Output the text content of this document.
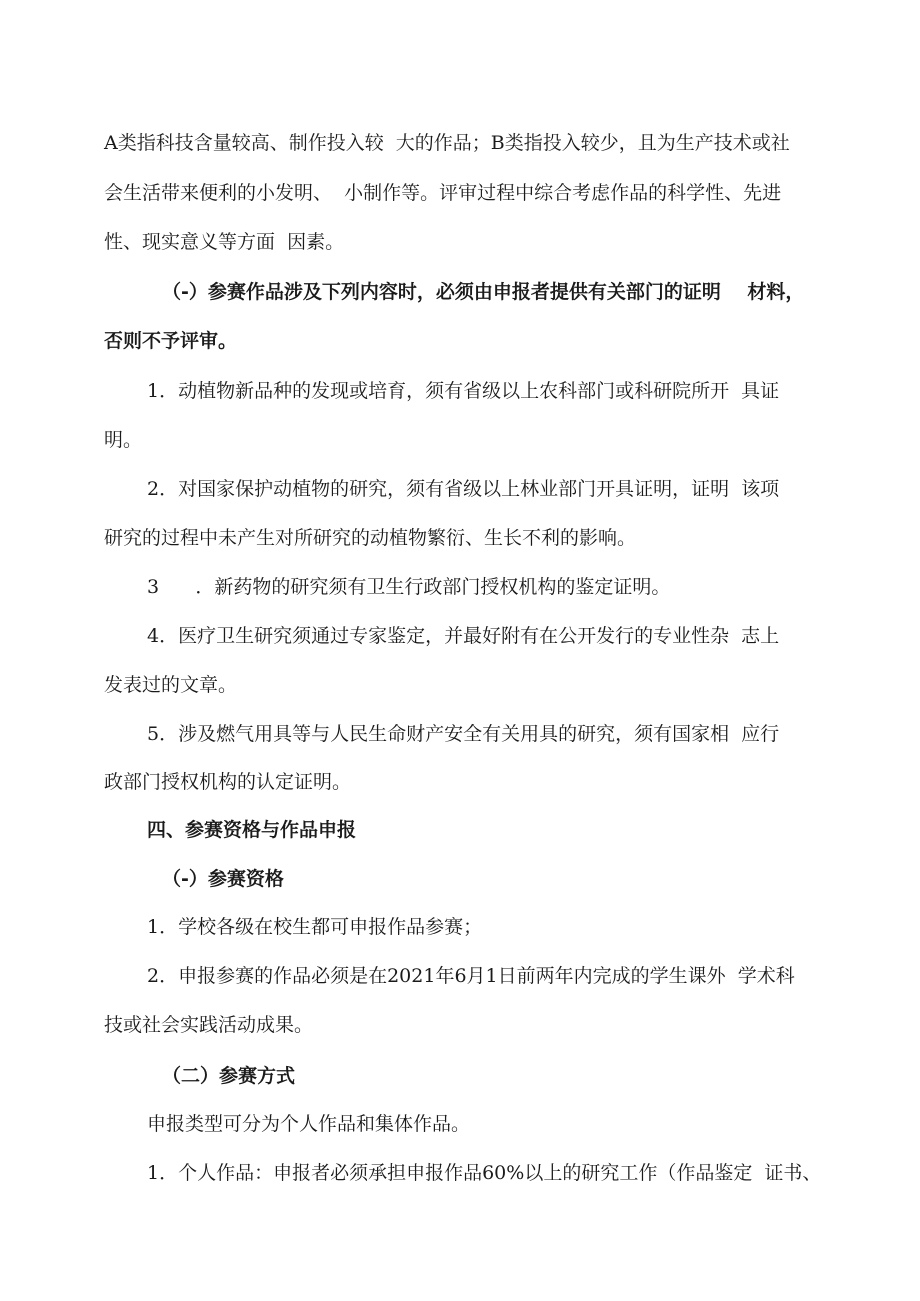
A类指科技含量较高、制作投入较  大的作品；B类指投入较少，且为生产技术或社
会生活带来便利的小发明、  小制作等。评审过程中综合考虑作品的科学性、先进
性、现实意义等方面  因素。
（-）参赛作品涉及下列内容时，必须由申报者提供有关部门的证明    材料，
否则不予评审。
1．动植物新品种的发现或培育，须有省级以上农科部门或科研院所开  具证
明。
2．对国家保护动植物的研究，须有省级以上林业部门开具证明，证明  该项
研究的过程中未产生对所研究的动植物繁衍、生长不利的影响。
3      ．新药物的研究须有卫生行政部门授权机构的鉴定证明。
4．医疗卫生研究须通过专家鉴定，并最好附有在公开发行的专业性杂  志上
发表过的文章。
5．涉及燃气用具等与人民生命财产安全有关用具的研究，须有国家相  应行
政部门授权机构的认定证明。
四、参赛资格与作品申报
（-）参赛资格
1．学校各级在校生都可申报作品参赛；
2．申报参赛的作品必须是在2021年6月1日前两年内完成的学生课外  学术科
技或社会实践活动成果。
（二）参赛方式
申报类型可分为个人作品和集体作品。
1．个人作品：申报者必须承担申报作品60%以上的研究工作（作品鉴定  证书、
